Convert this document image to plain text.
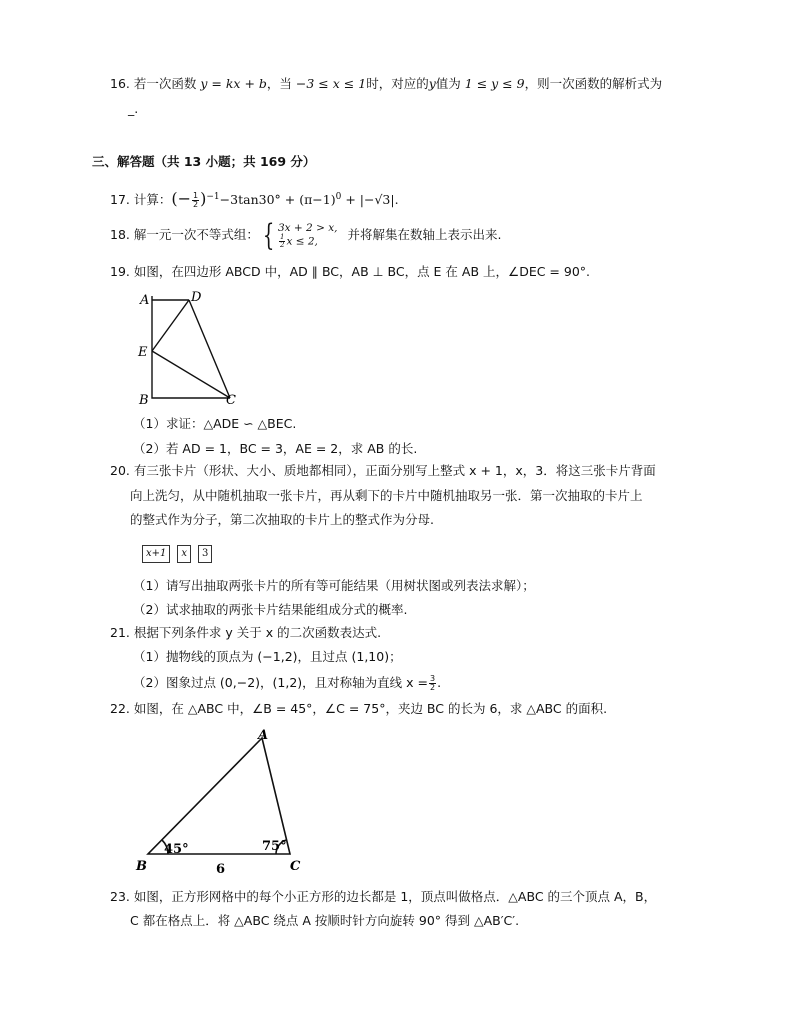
16. 若一次函数 y = kx + b，当 −3 ≤ x ≤ 1时，对应的y值为 1 ≤ y ≤ 9，则一次函数的解析式为
_.
三、解答题（共 13 小题；共 169 分）
17. 计算：(− $\frac{1}{2} )^{-1}-3\tan 30^\circ + (\pi-1)^0 + |-√3|$.
18. 解一元一次不等式组： { 3x + 2 > x,
$\frac{1}{2}$ x ≤ 2,	并将解集在数轴上表示出来.
19. 如图，在四边形 ABCD 中，AD ∥ BC，AB ⊥ BC，点 E 在 AB 上，∠DEC = 90°.
A	D
E
B	C
（1）求证：△ADE ∽ △BEC.
（2）若 AD = 1，BC = 3，AE = 2，求 AB 的长.
20. 有三张卡片（形状、大小、质地都相同），正面分别写上整式 x + 1，x，3．将这三张卡片背面
向上洗匀，从中随机抽取一张卡片，再从剩下的卡片中随机抽取另一张．第一次抽取的卡片上
的整式作为分子，第二次抽取的卡片上的整式作为分母.
x+1 x 3
（1）请写出抽取两张卡片的所有等可能结果（用树状图或列表法求解）；
（2）试求抽取的两张卡片结果能组成分式的概率.
21. 根据下列条件求 y 关于 x 的二次函数表达式.
（1）抛物线的顶点为 (−1,2)，且过点 (1,10)；
（2）图象过点 (0,−2)，(1,2)，且对称轴为直线 $x = \frac{3}{2}$ .
22. 如图，在 △ABC 中，∠B = 45°，∠C = 75°，夹边 BC 的长为 6，求 △ABC 的面积.
A
B	C
45°	75°
6
23. 如图，正方形网格中的每个小正方形的边长都是 1，顶点叫做格点．△ABC 的三个顶点 A，B，
C 都在格点上．将 △ABC 绕点 A 按顺时针方向旋转 90° 得到 △AB′C′.
